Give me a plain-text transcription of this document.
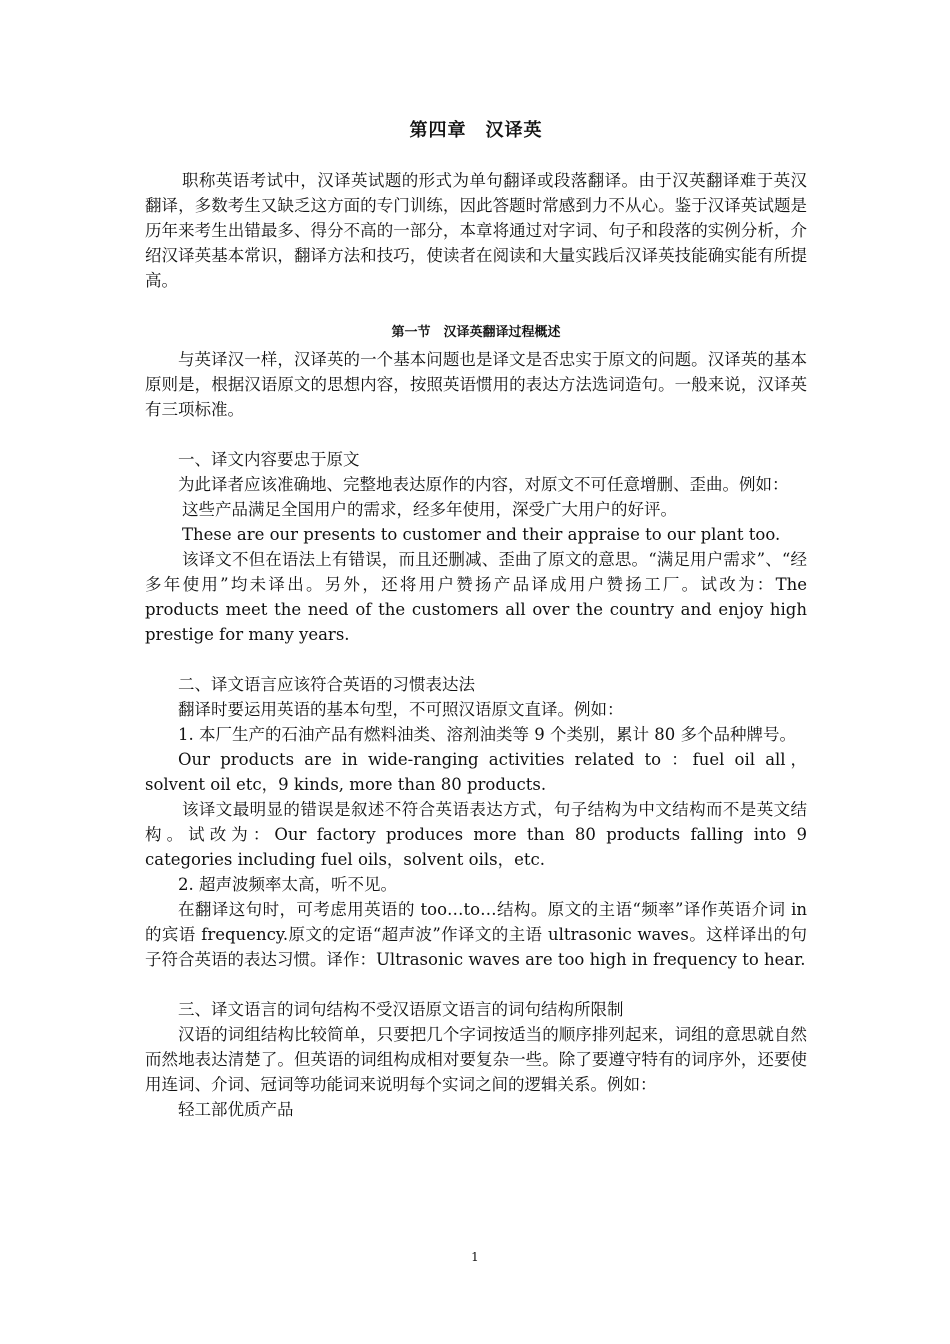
第四章　汉译英

职称英语考试中，汉译英试题的形式为单句翻译或段落翻译。由于汉英翻译难于英汉翻译，多数考生又缺乏这方面的专门训练，因此答题时常感到力不从心。鉴于汉译英试题是历年来考生出错最多、得分不高的一部分，本章将通过对字词、句子和段落的实例分析，介绍汉译英基本常识，翻译方法和技巧，使读者在阅读和大量实践后汉译英技能确实能有所提高。

第一节　汉译英翻译过程概述

与英译汉一样，汉译英的一个基本问题也是译文是否忠实于原文的问题。汉译英的基本原则是，根据汉语原文的思想内容，按照英语惯用的表达方法选词造句。一般来说，汉译英有三项标准。

一、译文内容要忠于原文

为此译者应该准确地、完整地表达原作的内容，对原文不可任意增删、歪曲。例如：

这些产品满足全国用户的需求，经多年使用，深受广大用户的好评。

These are our presents to customer and their appraise to our plant too.

该译文不但在语法上有错误，而且还删减、歪曲了原文的意思。“满足用户需求”、“经多年使用”均未译出。另外，还将用户赞扬产品译成用户赞扬工厂。试改为：The products meet the need of the customers all over the country and enjoy high prestige for many years.

二、译文语言应该符合英语的习惯表达法

翻译时要运用英语的基本句型，不可照汉语原文直译。例如：

1. 本厂生产的石油产品有燃料油类、溶剂油类等 9 个类别，累计 80 多个品种牌号。

Our products are in wide-ranging activities related to ：fuel oil all，solvent oil etc，9 kinds, more than 80 products.

该译文最明显的错误是叙述不符合英语表达方式，句子结构为中文结构而不是英文结构。试改为：Our factory produces more than 80 products falling into 9 categories including fuel oils，solvent oils，etc.

2. 超声波频率太高，听不见。

在翻译这句时，可考虑用英语的 too…to…结构。原文的主语“频率”译作英语介词 in 的宾语 frequency.原文的定语“超声波”作译文的主语 ultrasonic waves。这样译出的句子符合英语的表达习惯。译作：Ultrasonic waves are too high in frequency to hear.

三、译文语言的词句结构不受汉语原文语言的词句结构所限制

汉语的词组结构比较简单，只要把几个字词按适当的顺序排列起来，词组的意思就自然　而然地表达清楚了。但英语的词组构成相对要复杂一些。除了要遵守特有的词序外，还要使　用连词、介词、冠词等功能词来说明每个实词之间的逻辑关系。例如：

轻工部优质产品

1
